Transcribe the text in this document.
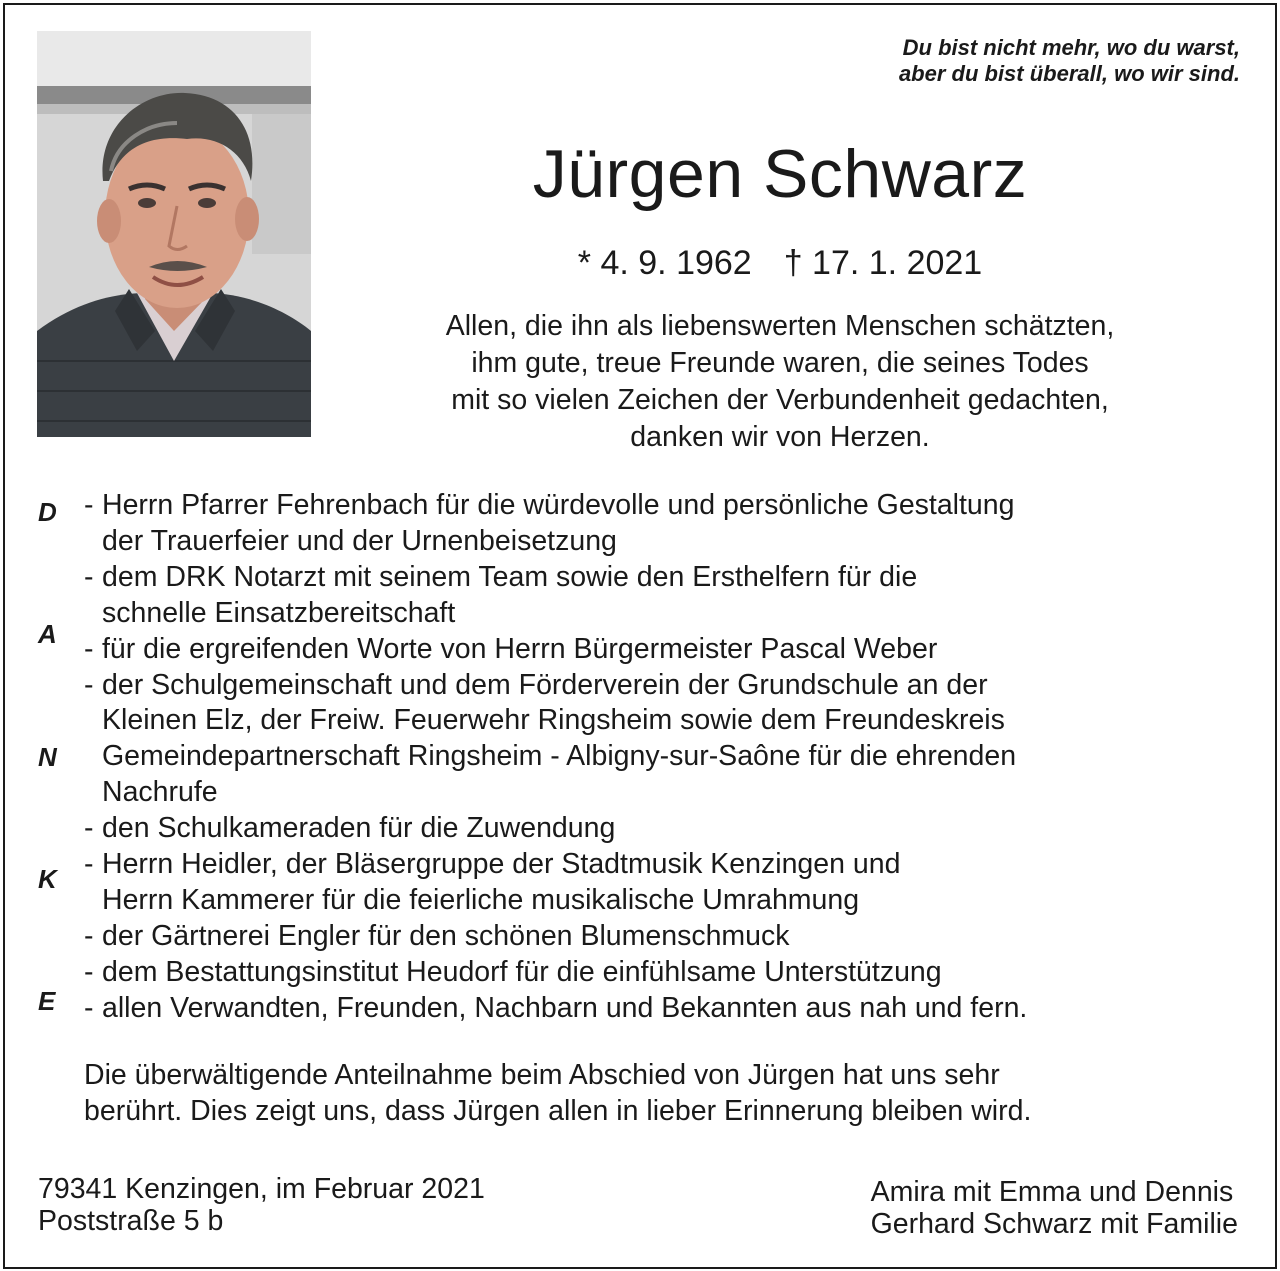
Du bist nicht mehr, wo du warst,
aber du bist überall, wo wir sind.
Jürgen Schwarz
* 4. 9. 1962 † 17. 1. 2021
Allen, die ihn als liebenswerten Menschen schätzten,
ihm gute, treue Freunde waren, die seines Todes
mit so vielen Zeichen der Verbundenheit gedachten,
danken wir von Herzen.
D
A
N
K
E
- Herrn Pfarrer Fehrenbach für die würdevolle und persönliche Gestaltung
der Trauerfeier und der Urnenbeisetzung
- dem DRK Notarzt mit seinem Team sowie den Ersthelfern für die
schnelle Einsatzbereitschaft
- für die ergreifenden Worte von Herrn Bürgermeister Pascal Weber
- der Schulgemeinschaft und dem Förderverein der Grundschule an der
Kleinen Elz, der Freiw. Feuerwehr Ringsheim sowie dem Freundeskreis
Gemeindepartnerschaft Ringsheim - Albigny-sur-Saône für die ehrenden
Nachrufe
- den Schulkameraden für die Zuwendung
- Herrn Heidler, der Bläsergruppe der Stadtmusik Kenzingen und
Herrn Kammerer für die feierliche musikalische Umrahmung
- der Gärtnerei Engler für den schönen Blumenschmuck
- dem Bestattungsinstitut Heudorf für die einfühlsame Unterstützung
- allen Verwandten, Freunden, Nachbarn und Bekannten aus nah und fern.
Die überwältigende Anteilnahme beim Abschied von Jürgen hat uns sehr
berührt. Dies zeigt uns, dass Jürgen allen in lieber Erinnerung bleiben wird.
79341 Kenzingen, im Februar 2021
Poststraße 5 b
Amira mit Emma und Dennis
Gerhard Schwarz mit Familie
